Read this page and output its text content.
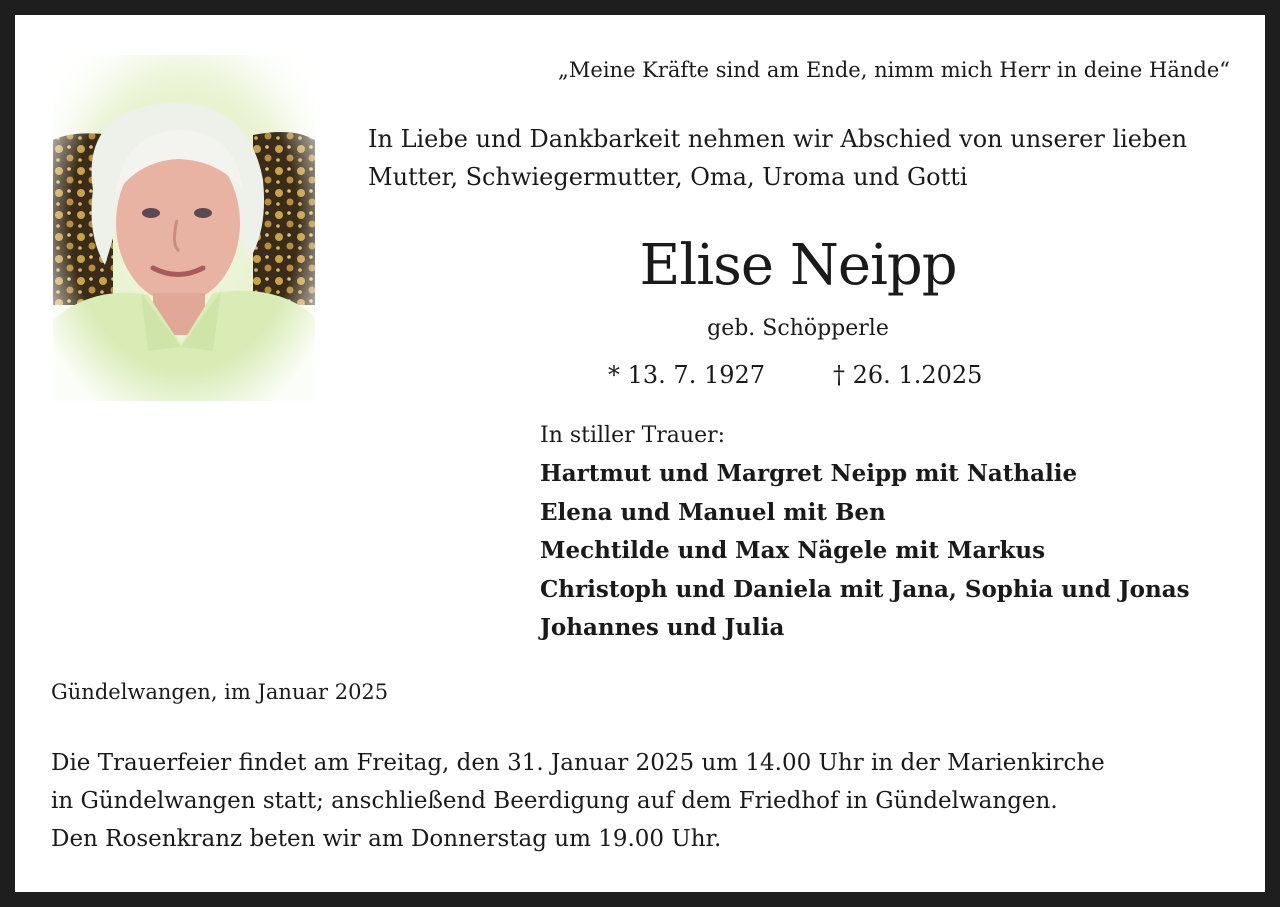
„Meine Kräfte sind am Ende, nimm mich Herr in deine Hände“

In Liebe und Dankbarkeit nehmen wir Abschied von unserer lieben
Mutter, Schwiegermutter, Oma, Uroma und Gotti
Elise Neipp

geb. Schöpperle

* 13. 7. 1927	† 26. 1.2025

In stiller Trauer:

Hartmut und Margret Neipp mit Nathalie
Elena und Manuel mit Ben
Mechtilde und Max Nägele mit Markus
Christoph und Daniela mit Jana, Sophia und Jonas
Johannes und Julia

Gündelwangen, im Januar 2025

Die Trauerfeier findet am Freitag, den 31. Januar 2025 um 14.00 Uhr in der Marienkirche
in Gündelwangen statt; anschließend Beerdigung auf dem Friedhof in Gündelwangen.
Den Rosenkranz beten wir am Donnerstag um 19.00 Uhr.
